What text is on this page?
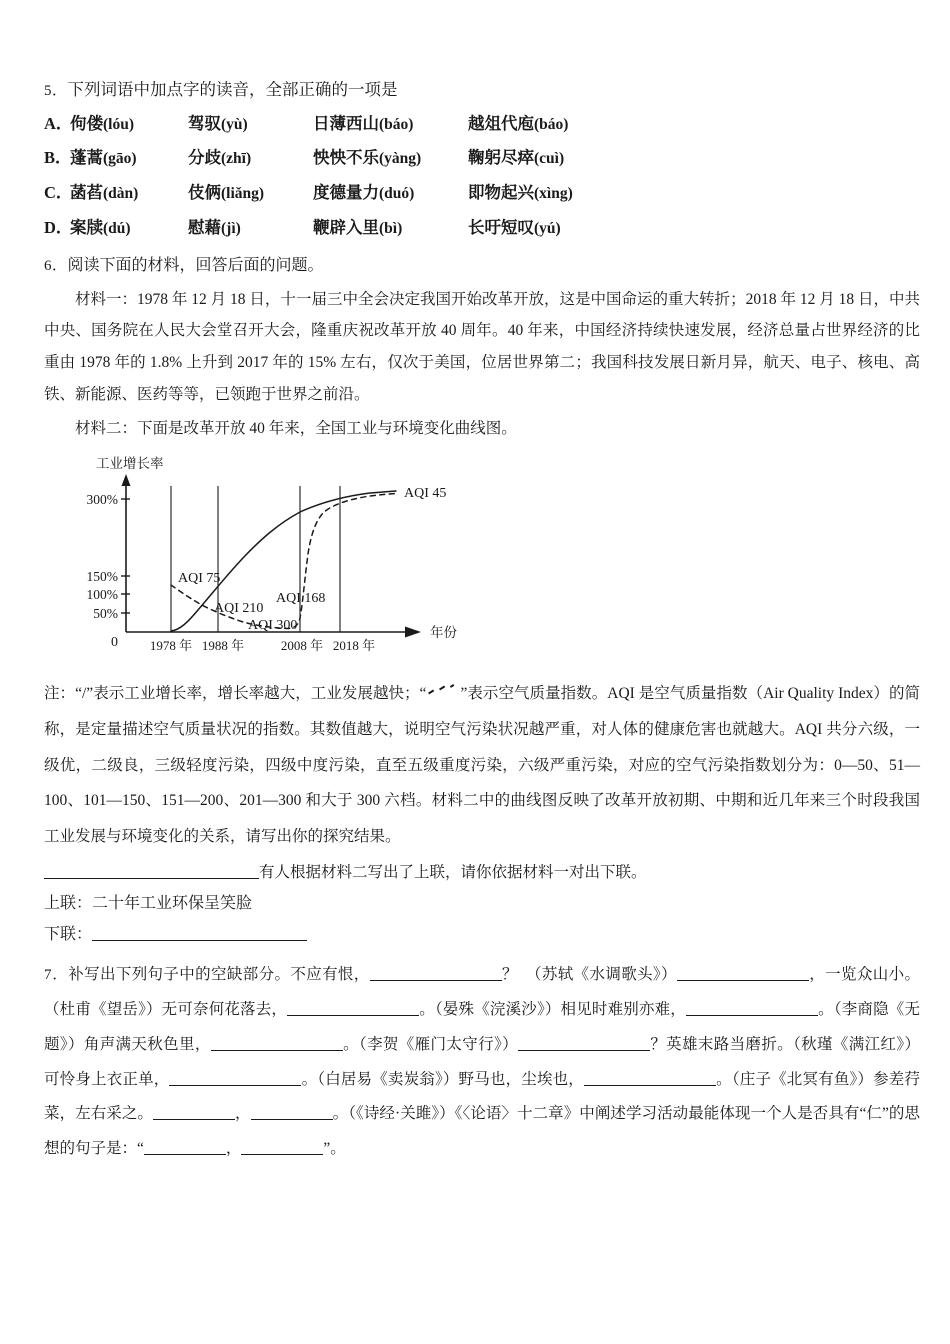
5．下列词语中加点字的读音，全部正确的一项是
A．佝偻(lóu)	驾驭(yù)	日薄西山(báo)	越俎代庖(báo)
B．蓬蒿(gāo)	分歧(zhī)	怏怏不乐(yàng)	鞠躬尽瘁(cuì)
C．菡萏(dàn)	伎俩(liǎng)	度德量力(duó)	即物起兴(xìng)
D．案牍(dú)	慰藉(jì)	鞭辟入里(bì)	长吁短叹(yú)
6．阅读下面的材料，回答后面的问题。

材料一：1978 年 12 月 18 日，十一届三中全会决定我国开始改革开放，这是中国命运的重大转折；2018 年 12 月 18 日，中共中央、国务院在人民大会堂召开大会，隆重庆祝改革开放 40 周年。40 年来，中国经济持续快速发展，经济总量占世界经济的比重由 1978 年的 1.8% 上升到 2017 年的 15% 左右，仅次于美国，位居世界第二；我国科技发展日新月异，航天、电子、核电、高铁、新能源、医药等等，已领跑于世界之前沿。

材料二：下面是改革开放 40 年来，全国工业与环境变化曲线图。

工业增长率
300%
150%
100%
50%
0 1978 年 1988 年	2008 年 2018 年
年份
AQI 75
AQI 210
AQI 300
AQI 168
AQI 45

注：“/”表示工业增长率，增长率越大，工业发展越快；“ ”表示空气质量指数。AQI 是空气质量指数（Air Quality Index）的简称，是定量描述空气质量状况的指数。其数值越大，说明空气污染状况越严重，对人体的健康危害也就越大。AQI 共分六级，一级优，二级良，三级轻度污染，四级中度污染，直至五级重度污染，六级严重污染，对应的空气污染指数划分为：0—50、51—100、101—150、151—200、201—300 和大于 300 六档。材料二中的曲线图反映了改革开放初期、中期和近几年来三个时段我国工业发展与环境变化的关系，请写出你的探究结果。

有人根据材料二写出了上联，请你依据材料一对出下联。

上联：二十年工业环保呈笑脸

下联：

7．补写出下列句子中的空缺部分。不应有恨，	？　（苏轼《水调歌头》）	，一览众山小。（杜甫《望岳》）无可奈何花落去，	。（晏殊《浣溪沙》）相见时难别亦难，	。（李商隐《无题》）角声满天秋色里，	。（李贺《雁门太守行》）	？英雄末路当磨折。（秋瑾《满江红》）可怜身上衣正单，	。（白居易《卖炭翁》）野马也，尘埃也，	。（庄子《北冥有鱼》）参差荇菜，左右采之。	，	。（《诗经·关雎》）《〈论语〉十二章》中阐述学习活动最能体现一个人是否具有“仁”的思想的句子是：“	，	”。
